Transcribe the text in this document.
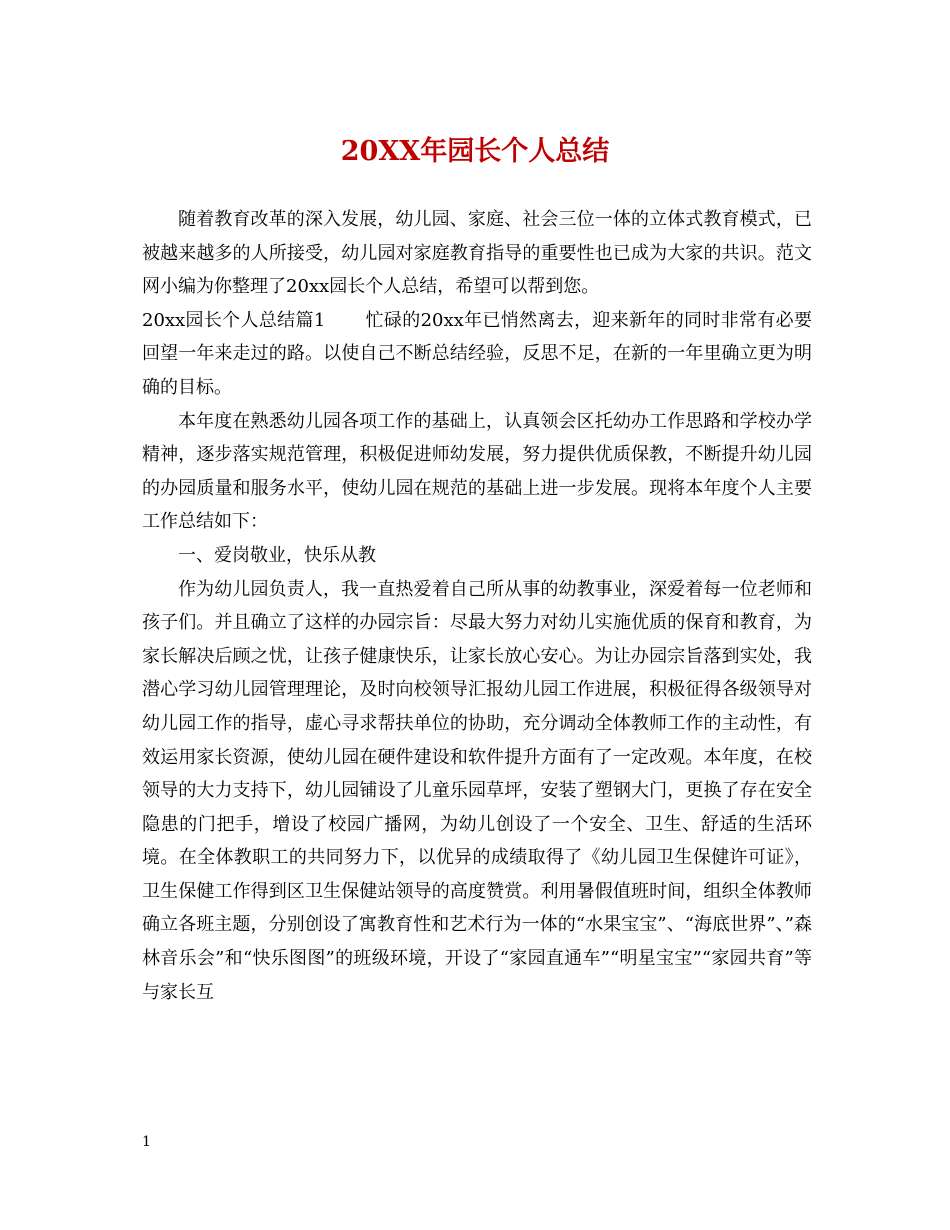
20XX年园长个人总结

随着教育改革的深入发展，幼儿园、家庭、社会三位一体的立体式教育模式，已被越来越多的人所接受，幼儿园对家庭教育指导的重要性也已成为大家的共识。范文网小编为你整理了20xx园长个人总结，希望可以帮到您。

20xx园长个人总结篇1 忙碌的20xx年已悄然离去，迎来新年的同时非常有必要回望一年来走过的路。以使自己不断总结经验，反思不足，在新的一年里确立更为明确的目标。

本年度在熟悉幼儿园各项工作的基础上，认真领会区托幼办工作思路和学校办学精神，逐步落实规范管理，积极促进师幼发展，努力提供优质保教，不断提升幼儿园的办园质量和服务水平，使幼儿园在规范的基础上进一步发展。现将本年度个人主要工作总结如下：

一、爱岗敬业，快乐从教

作为幼儿园负责人，我一直热爱着自己所从事的幼教事业，深爱着每一位老师和孩子们。并且确立了这样的办园宗旨：尽最大努力对幼儿实施优质的保育和教育，为家长解决后顾之忧，让孩子健康快乐，让家长放心安心。为让办园宗旨落到实处，我潜心学习幼儿园管理理论，及时向校领导汇报幼儿园工作进展，积极征得各级领导对幼儿园工作的指导，虚心寻求帮扶单位的协助，充分调动全体教师工作的主动性，有效运用家长资源，使幼儿园在硬件建设和软件提升方面有了一定改观。本年度，在校领导的大力支持下，幼儿园铺设了儿童乐园草坪，安装了塑钢大门，更换了存在安全隐患的门把手，增设了校园广播网，为幼儿创设了一个安全、卫生、舒适的生活环境。在全体教职工的共同努力下，以优异的成绩取得了《幼儿园卫生保健许可证》，卫生保健工作得到区卫生保健站领导的高度赞赏。利用暑假值班时间，组织全体教师确立各班主题，分别创设了寓教育性和艺术行为一体的“水果宝宝”、“海底世界”、”森林音乐会”和“快乐图图”的班级环境，开设了“家园直通车”“明星宝宝”“家园共育”等与家长互

1
